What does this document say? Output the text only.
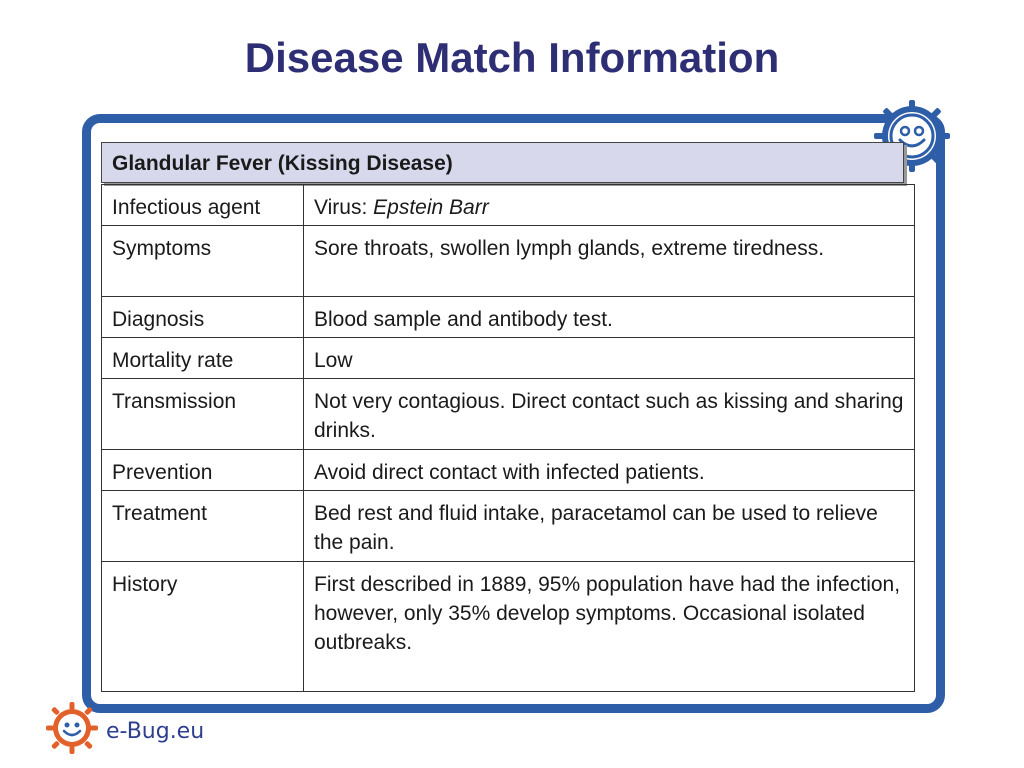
Disease Match Information
Glandular Fever (Kissing Disease)
Infectious agent	Virus: Epstein Barr
Symptoms	Sore throats, swollen lymph glands, extreme tiredness.
Diagnosis	Blood sample and antibody test.
Mortality rate	Low
Transmission	Not very contagious. Direct contact such as kissing and sharing drinks.
Prevention	Avoid direct contact with infected patients.
Treatment	Bed rest and fluid intake, paracetamol can be used to relieve the pain.
History	First described in 1889, 95% population have had the infection, however, only 35% develop symptoms. Occasional isolated outbreaks.
e-Bug.eu
